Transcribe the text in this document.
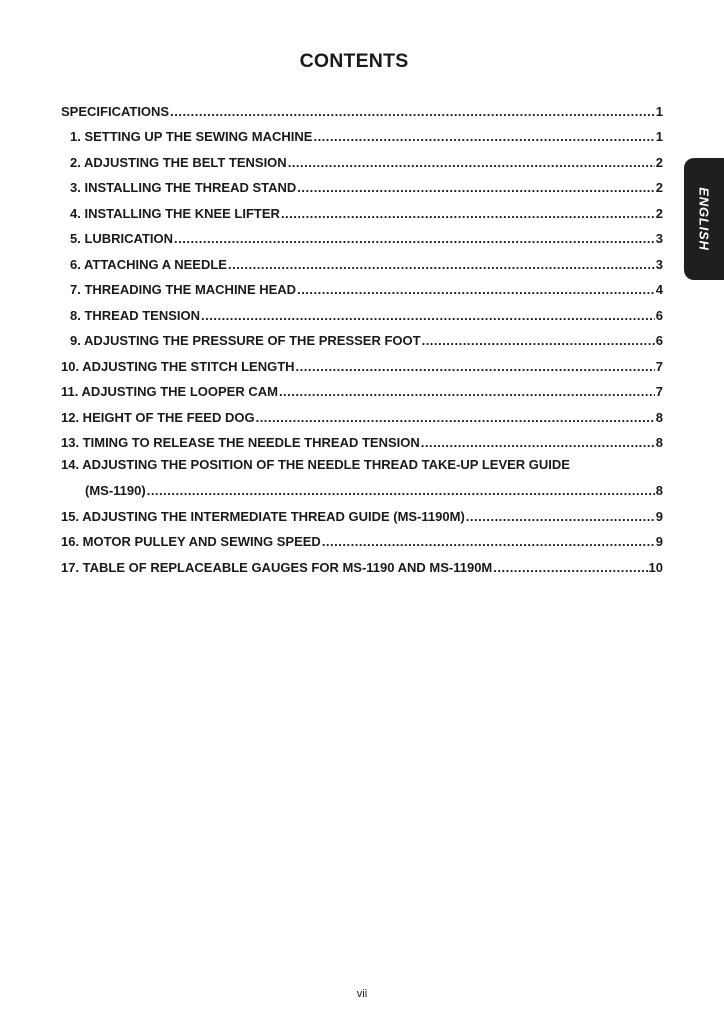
CONTENTS
SPECIFICATIONS .....	1
1. SETTING UP THE SEWING MACHINE .....	1
2. ADJUSTING THE BELT TENSION .....	2
3. INSTALLING THE THREAD STAND .....	2
4. INSTALLING THE KNEE LIFTER .....	2
5. LUBRICATION .....	3
6. ATTACHING A NEEDLE .....	3
7. THREADING THE MACHINE HEAD .....	4
8. THREAD TENSION .....	6
9. ADJUSTING THE PRESSURE OF THE PRESSER FOOT .....	6
10. ADJUSTING THE STITCH LENGTH .....	7
11. ADJUSTING THE LOOPER CAM .....	7
12. HEIGHT OF THE FEED DOG .....	8
13. TIMING TO RELEASE THE NEEDLE THREAD TENSION .....	8
14. ADJUSTING THE POSITION OF THE NEEDLE THREAD TAKE-UP LEVER GUIDE
(MS-1190) .....	8
15. ADJUSTING THE INTERMEDIATE THREAD GUIDE (MS-1190M) .....	9
16. MOTOR PULLEY AND SEWING SPEED .....	9
17. TABLE OF REPLACEABLE GAUGES FOR MS-1190 AND MS-1190M .....	10
ENGLISH
vii
